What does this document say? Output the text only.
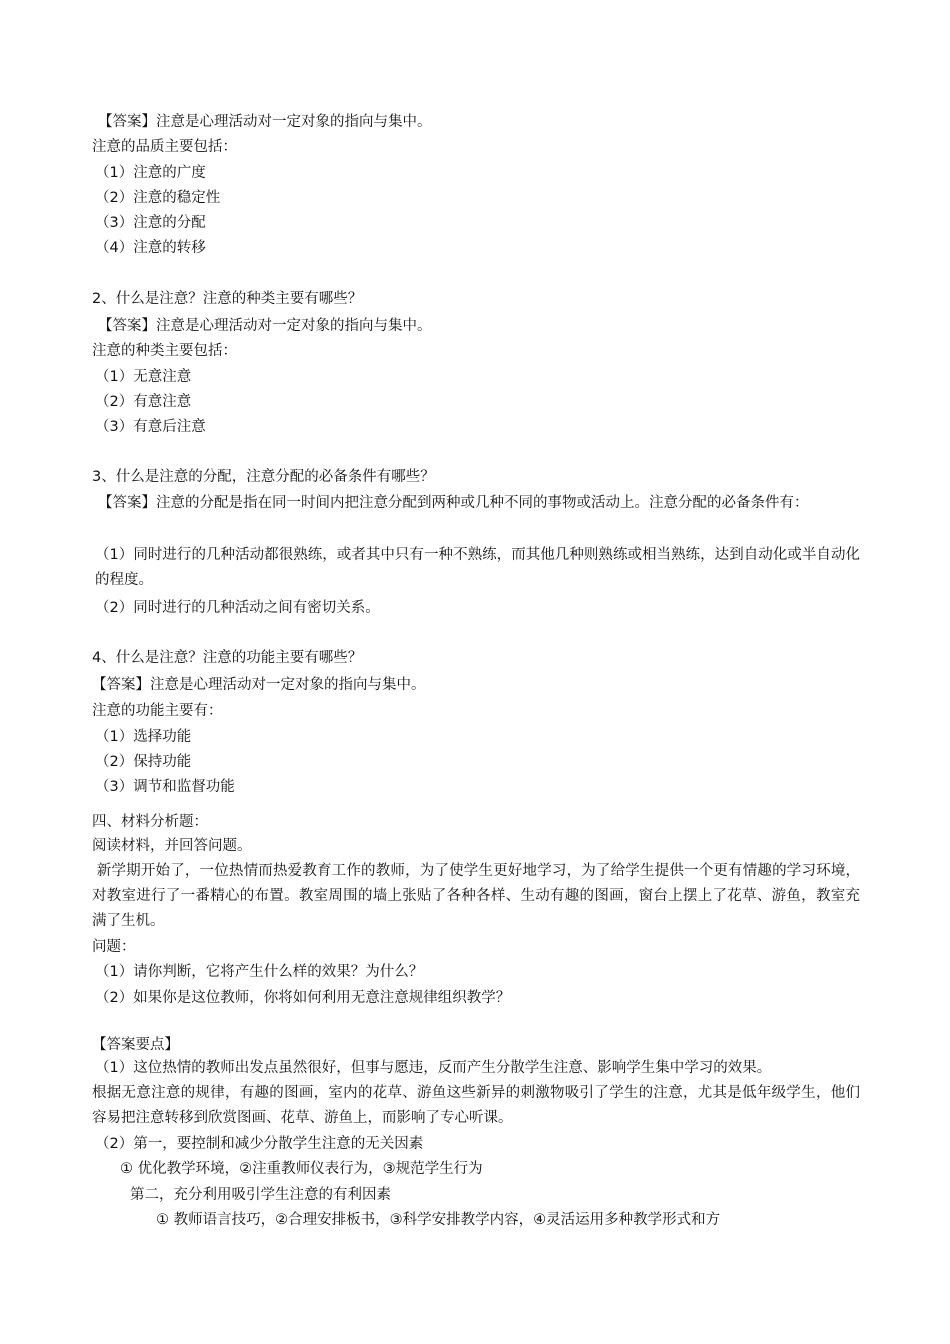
【答案】注意是心理活动对一定对象的指向与集中。
注意的品质主要包括：
（1）注意的广度
（2）注意的稳定性
（3）注意的分配
（4）注意的转移
2、什么是注意？注意的种类主要有哪些？
【答案】注意是心理活动对一定对象的指向与集中。
注意的种类主要包括：
（1）无意注意
（2）有意注意
（3）有意后注意
3、什么是注意的分配，注意分配的必备条件有哪些？
【答案】注意的分配是指在同一时间内把注意分配到两种或几种不同的事物或活动上。注意分配的必备条件有：
（1）同时进行的几种活动都很熟练，或者其中只有一种不熟练，而其他几种则熟练或相当熟练，达到自动化或半自动化的程度。
（2）同时进行的几种活动之间有密切关系。
4、什么是注意？注意的功能主要有哪些？
【答案】注意是心理活动对一定对象的指向与集中。
注意的功能主要有：
（1）选择功能
（2）保持功能
（3）调节和监督功能
四、材料分析题：
阅读材料，并回答问题。
新学期开始了，一位热情而热爱教育工作的教师，为了使学生更好地学习，为了给学生提供一个更有情趣的学习环境，对教室进行了一番精心的布置。教室周围的墙上张贴了各种各样、生动有趣的图画，窗台上摆上了花草、游鱼，教室充满了生机。
问题：
（1）请你判断，它将产生什么样的效果？为什么？
（2）如果你是这位教师，你将如何利用无意注意规律组织教学？
【答案要点】
（1）这位热情的教师出发点虽然很好，但事与愿违，反而产生分散学生注意、影响学生集中学习的效果。
根据无意注意的规律，有趣的图画，室内的花草、游鱼这些新异的刺激物吸引了学生的注意，尤其是低年级学生，他们容易把注意转移到欣赏图画、花草、游鱼上，而影响了专心听课。
（2）第一，要控制和减少分散学生注意的无关因素
① 优化教学环境，②注重教师仪表行为，③规范学生行为
第二，充分利用吸引学生注意的有利因素
① 教师语言技巧，②合理安排板书，③科学安排教学内容，④灵活运用多种教学形式和方
